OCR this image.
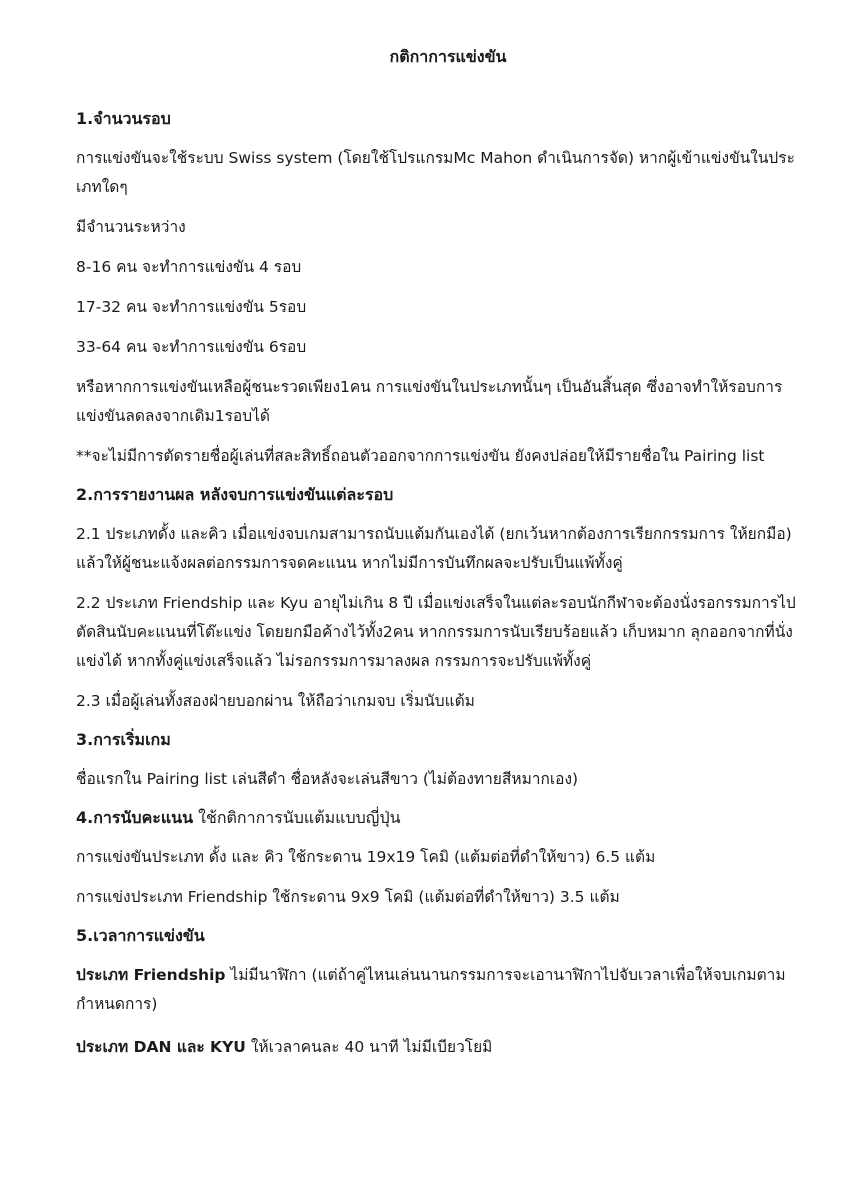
กติกาการแข่งขัน
1.จำนวนรอบ
การแข่งขันจะใช้ระบบ Swiss system (โดยใช้โปรแกรมMc Mahon ดำเนินการจัด) หากผู้เข้าแข่งขันในประเภทใดๆ
มีจำนวนระหว่าง
8-16 คน จะทำการแข่งขัน 4 รอบ
17-32 คน จะทำการแข่งขัน 5รอบ
33-64 คน จะทำการแข่งขัน 6รอบ
หรือหากการแข่งขันเหลือผู้ชนะรวดเพียง1คน การแข่งขันในประเภทนั้นๆ เป็นอันสิ้นสุด ซึ่งอาจทำให้รอบการแข่งขันลดลงจากเดิม1รอบได้
**จะไม่มีการตัดรายชื่อผู้เล่นที่สละสิทธิ์ถอนตัวออกจากการแข่งขัน ยังคงปล่อยให้มีรายชื่อใน Pairing list
2.การรายงานผล หลังจบการแข่งขันแต่ละรอบ
2.1 ประเภทดั้ง และคิว เมื่อแข่งจบเกมสามารถนับแต้มกันเองได้ (ยกเว้นหากต้องการเรียกกรรมการ ให้ยกมือ) แล้วให้ผู้ชนะแจ้งผลต่อกรรมการจดคะแนน หากไม่มีการบันทึกผลจะปรับเป็นแพ้ทั้งคู่
2.2 ประเภท Friendship และ Kyu อายุไม่เกิน 8 ปี เมื่อแข่งเสร็จในแต่ละรอบนักกีฬาจะต้องนั่งรอกรรมการไปตัดสินนับคะแนนที่โต๊ะแข่ง โดยยกมือค้างไว้ทั้ง2คน หากกรรมการนับเรียบร้อยแล้ว เก็บหมาก ลุกออกจากที่นั่งแข่งได้ หากทั้งคู่แข่งเสร็จแล้ว ไม่รอกรรมการมาลงผล กรรมการจะปรับแพ้ทั้งคู่
2.3 เมื่อผู้เล่นทั้งสองฝ่ายบอกผ่าน ให้ถือว่าเกมจบ เริ่มนับแต้ม
3.การเริ่มเกม
ชื่อแรกใน Pairing list เล่นสีดำ ชื่อหลังจะเล่นสีขาว (ไม่ต้องทายสีหมากเอง)
4.การนับคะแนน ใช้กติกาการนับแต้มแบบญี่ปุ่น
การแข่งขันประเภท ดั้ง และ คิว ใช้กระดาน 19x19 โคมิ (แต้มต่อที่ดำให้ขาว) 6.5 แต้ม
การแข่งประเภท Friendship ใช้กระดาน 9x9 โคมิ (แต้มต่อที่ดำให้ขาว) 3.5 แต้ม
5.เวลาการแข่งขัน
ประเภท Friendship ไม่มีนาฬิกา (แต่ถ้าคู่ไหนเล่นนานกรรมการจะเอานาฬิกาไปจับเวลาเพื่อให้จบเกมตามกำหนดการ)
ประเภท DAN และ KYU ให้เวลาคนละ 40 นาที ไม่มีเบียวโยมิ
